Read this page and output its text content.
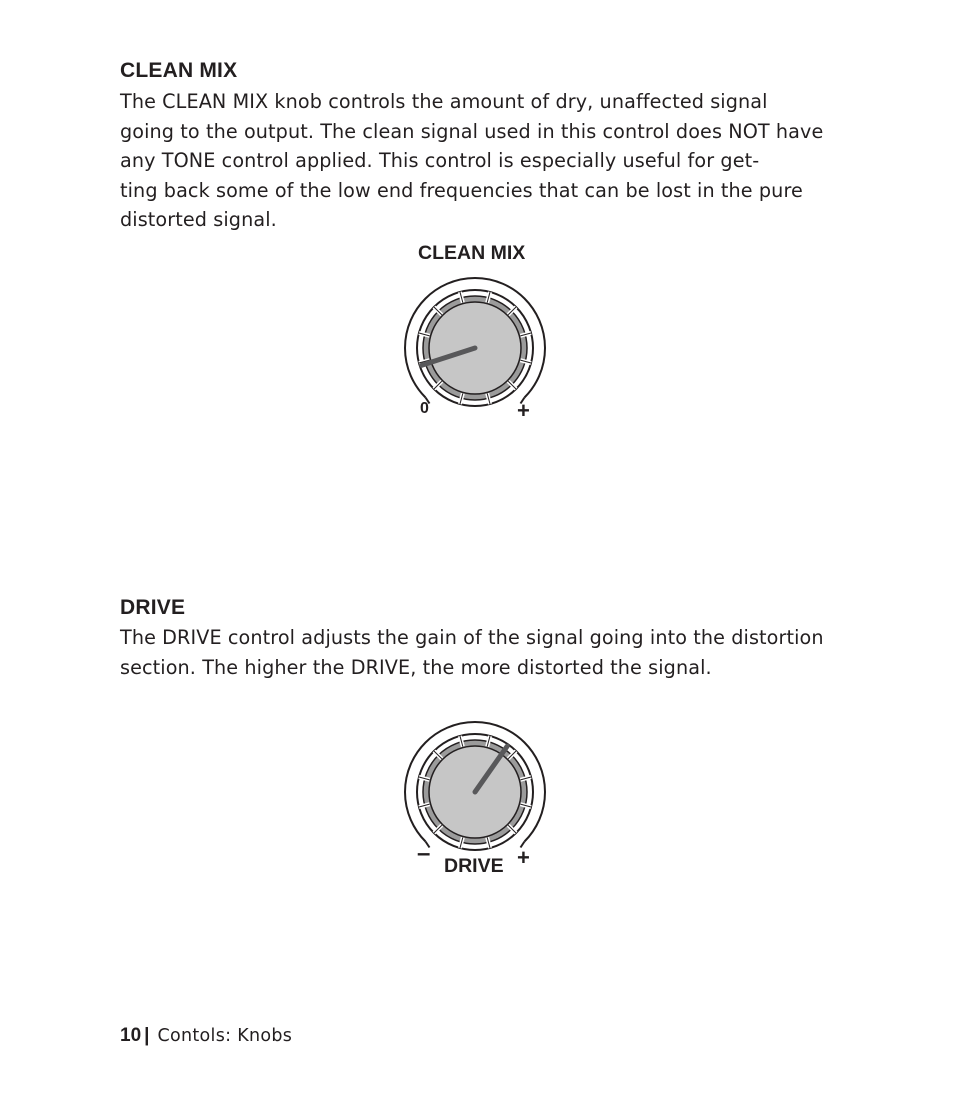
CLEAN MIX
The CLEAN MIX knob controls the amount of dry, unaffected signal
going to the output. The clean signal used in this control does NOT have
any TONE control applied. This control is especially useful for get-
ting back some of the low end frequencies that can be lost in the pure
distorted signal.
CLEAN MIX
0	+
DRIVE
The DRIVE control adjusts the gain of the signal going into the distortion
section. The higher the DRIVE, the more distorted the signal.
– DRIVE +
10 | Contols: Knobs
